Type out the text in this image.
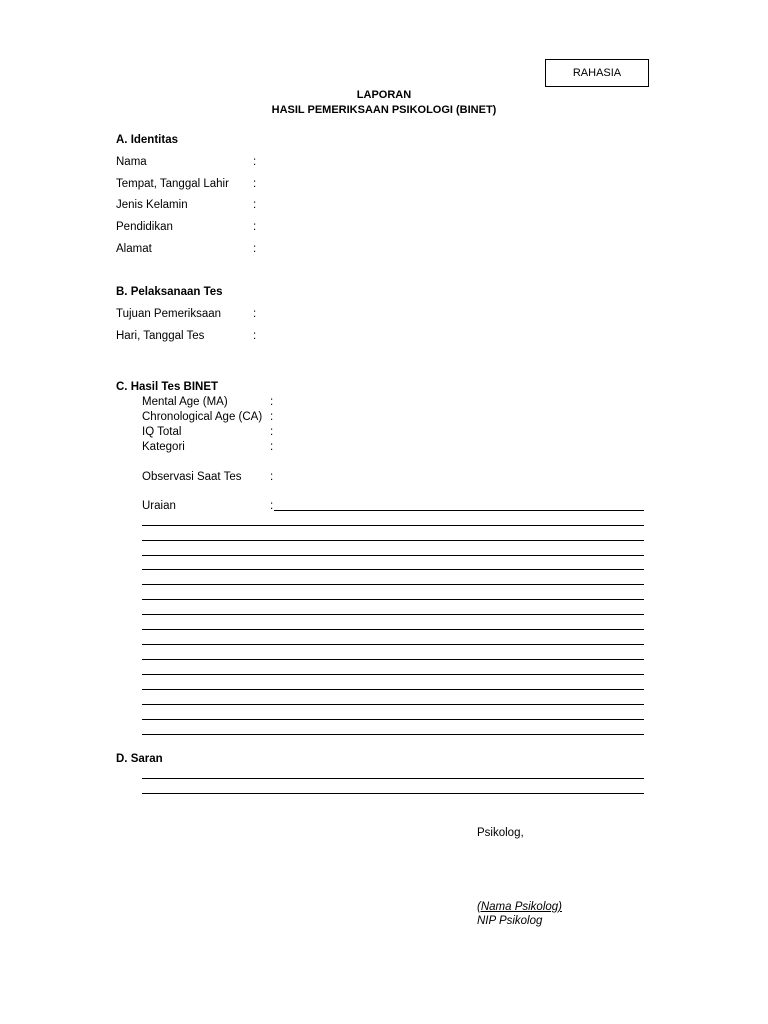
RAHASIA
LAPORAN
HASIL PEMERIKSAAN PSIKOLOGI (BINET)
A. Identitas
Nama	:
Tempat, Tanggal Lahir :
Jenis Kelamin	:
Pendidikan	:
Alamat	:
B. Pelaksanaan Tes
Tujuan Pemeriksaan	:
Hari, Tanggal Tes	:
C. Hasil Tes BINET
Mental Age (MA)	:
Chronological Age (CA) :
IQ Total	:
Kategori	:
Observasi Saat Tes :
Uraian	:
D. Saran
Psikolog,
(Nama Psikolog)
NIP Psikolog
